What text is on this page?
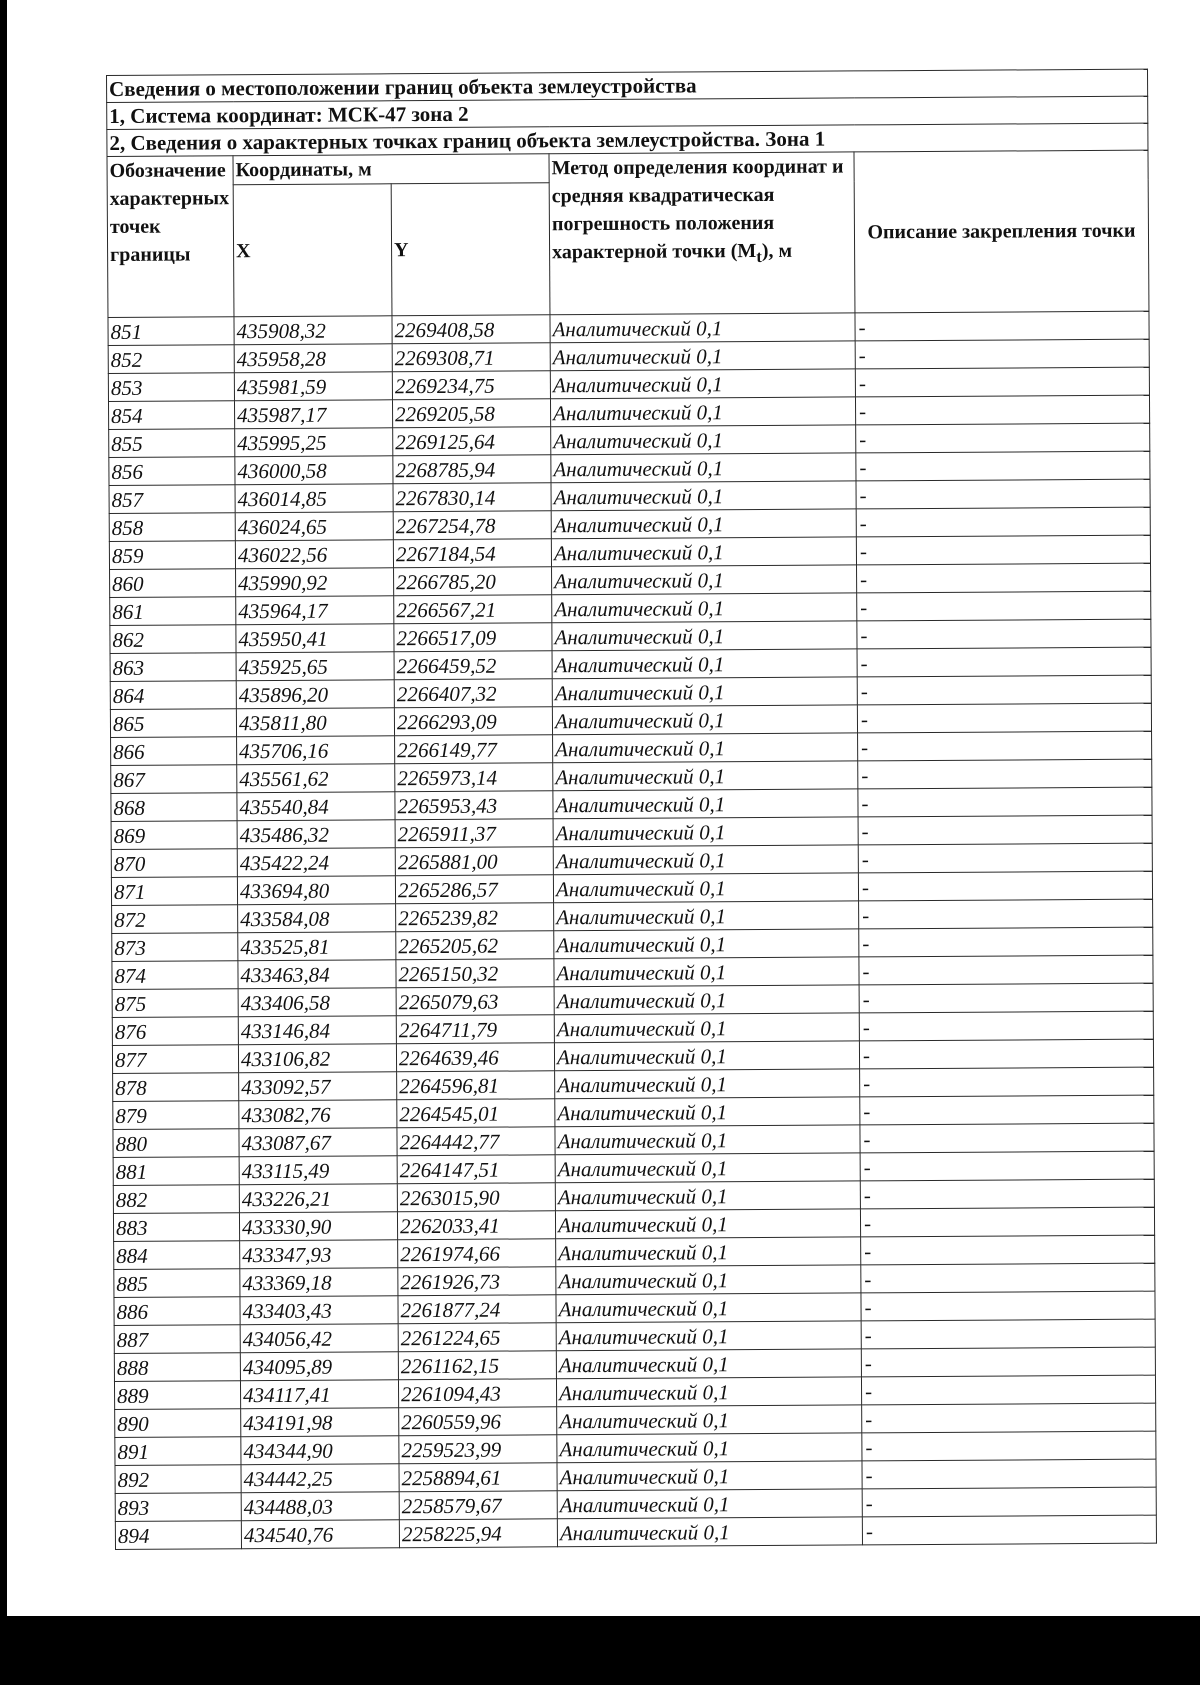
Сведения о местоположении границ объекта землеустройства				
1, Система координат: МСК-47 зона 2				
2, Сведения о характерных точках границ объекта землеустройства. Зона 1				
Обозначение характерных точек границы	Координаты, м		Метод определения координат и средняя квадратическая погрешность положения характерной точки $(M_t)$, м	Описание закрепления точки
	X	Y		
851	435908,32	2269408,58	Аналитический 0,1	-
852	435958,28	2269308,71	Аналитический 0,1	-
853	435981,59	2269234,75	Аналитический 0,1	-
854	435987,17	2269205,58	Аналитический 0,1	-
855	435995,25	2269125,64	Аналитический 0,1	-
856	436000,58	2268785,94	Аналитический 0,1	-
857	436014,85	2267830,14	Аналитический 0,1	-
858	436024,65	2267254,78	Аналитический 0,1	-
859	436022,56	2267184,54	Аналитический 0,1	-
860	435990,92	2266785,20	Аналитический 0,1	-
861	435964,17	2266567,21	Аналитический 0,1	-
862	435950,41	2266517,09	Аналитический 0,1	-
863	435925,65	2266459,52	Аналитический 0,1	-
864	435896,20	2266407,32	Аналитический 0,1	-
865	435811,80	2266293,09	Аналитический 0,1	-
866	435706,16	2266149,77	Аналитический 0,1	-
867	435561,62	2265973,14	Аналитический 0,1	-
868	435540,84	2265953,43	Аналитический 0,1	-
869	435486,32	2265911,37	Аналитический 0,1	-
870	435422,24	2265881,00	Аналитический 0,1	-
871	433694,80	2265286,57	Аналитический 0,1	-
872	433584,08	2265239,82	Аналитический 0,1	-
873	433525,81	2265205,62	Аналитический 0,1	-
874	433463,84	2265150,32	Аналитический 0,1	-
875	433406,58	2265079,63	Аналитический 0,1	-
876	433146,84	2264711,79	Аналитический 0,1	-
877	433106,82	2264639,46	Аналитический 0,1	-
878	433092,57	2264596,81	Аналитический 0,1	-
879	433082,76	2264545,01	Аналитический 0,1	-
880	433087,67	2264442,77	Аналитический 0,1	-
881	433115,49	2264147,51	Аналитический 0,1	-
882	433226,21	2263015,90	Аналитический 0,1	-
883	433330,90	2262033,41	Аналитический 0,1	-
884	433347,93	2261974,66	Аналитический 0,1	-
885	433369,18	2261926,73	Аналитический 0,1	-
886	433403,43	2261877,24	Аналитический 0,1	-
887	434056,42	2261224,65	Аналитический 0,1	-
888	434095,89	2261162,15	Аналитический 0,1	-
889	434117,41	2261094,43	Аналитический 0,1	-
890	434191,98	2260559,96	Аналитический 0,1	-
891	434344,90	2259523,99	Аналитический 0,1	-
892	434442,25	2258894,61	Аналитический 0,1	-
893	434488,03	2258579,67	Аналитический 0,1	-
894	434540,76	2258225,94	Аналитический 0,1	-
